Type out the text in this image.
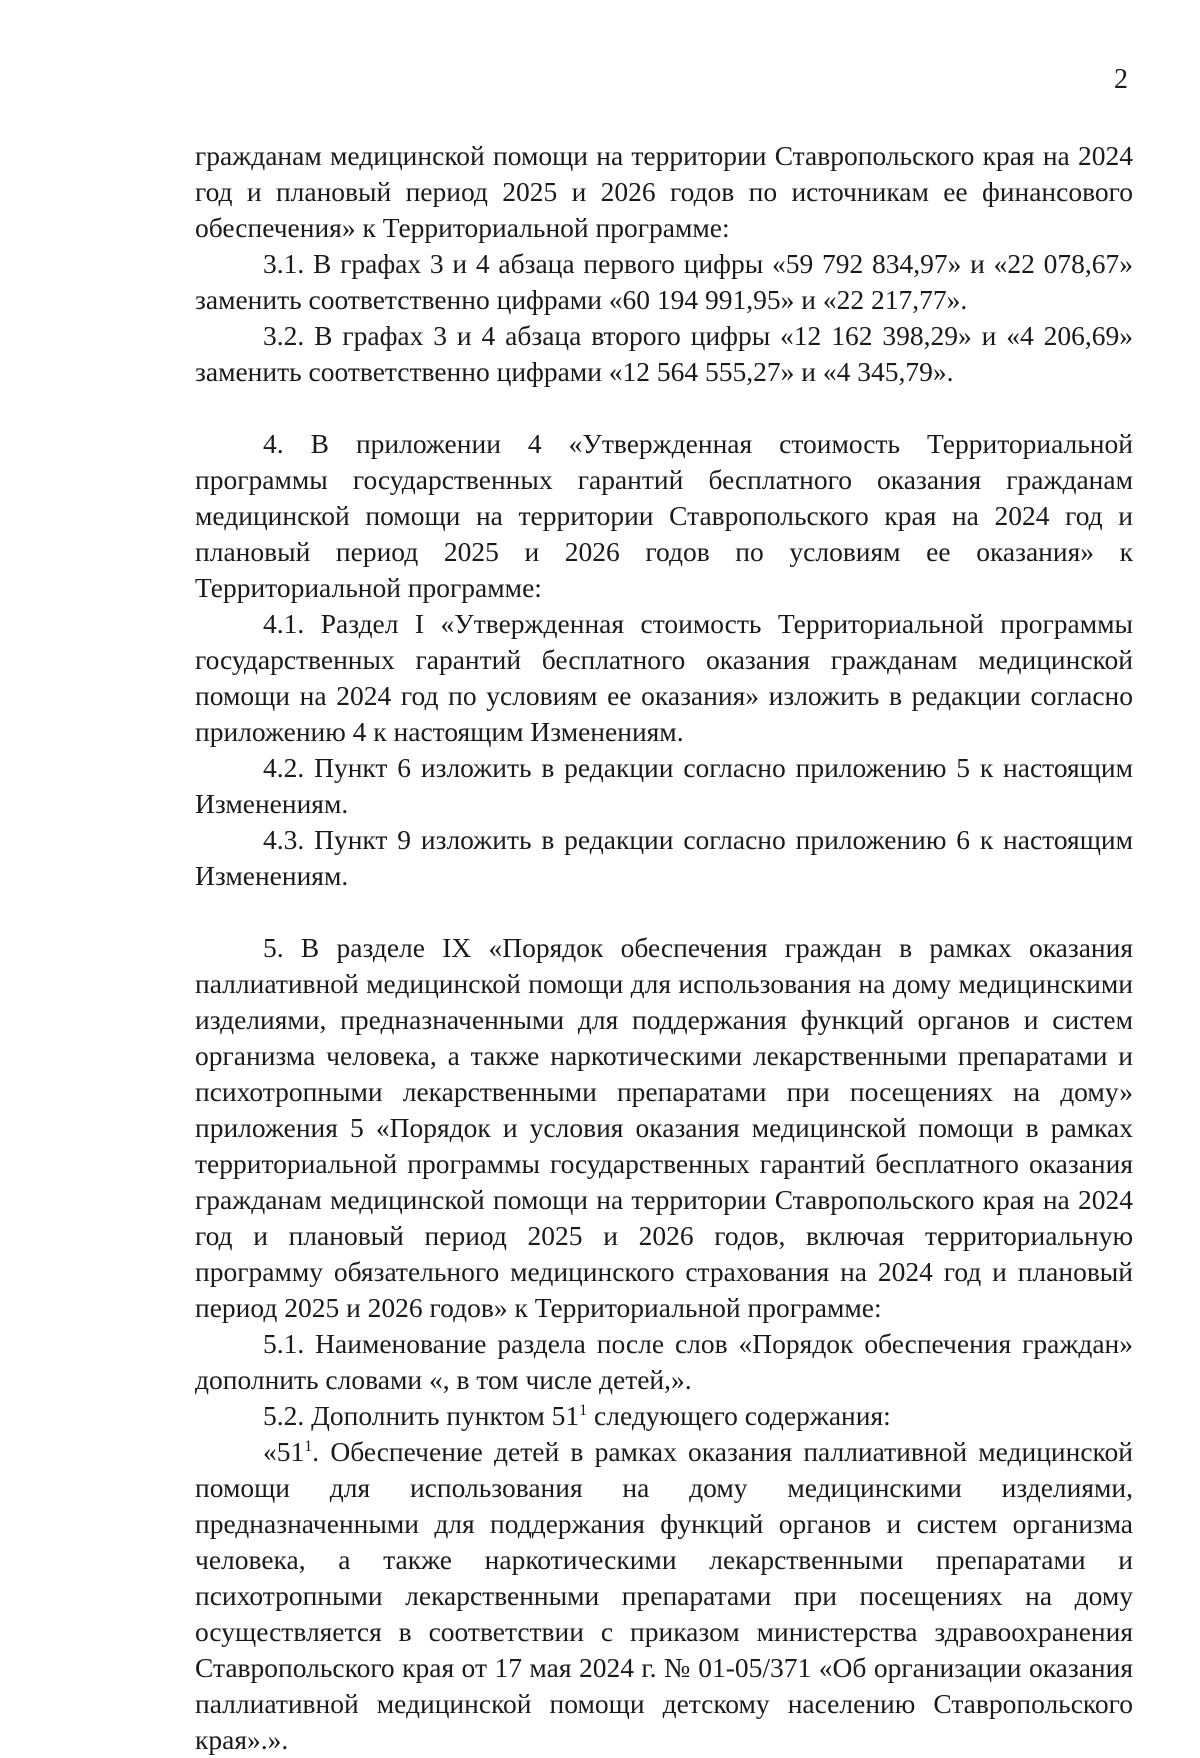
2

гражданам медицинской помощи на территории Ставропольского края на 2024 год и плановый период 2025 и 2026 годов по источникам ее финансового обеспечения» к Территориальной программе:

3.1. В графах 3 и 4 абзаца первого цифры «59 792 834,97» и «22 078,67» заменить соответственно цифрами «60 194 991,95» и «22 217,77».

3.2. В графах 3 и 4 абзаца второго цифры «12 162 398,29» и «4 206,69» заменить соответственно цифрами «12 564 555,27» и «4 345,79».

4. В приложении 4 «Утвержденная стоимость Территориальной программы государственных гарантий бесплатного оказания гражданам медицинской помощи на территории Ставропольского края на 2024 год и плановый период 2025 и 2026 годов по условиям ее оказания» к Территориальной программе:

4.1. Раздел I «Утвержденная стоимость Территориальной программы государственных гарантий бесплатного оказания гражданам медицинской помощи на 2024 год по условиям ее оказания» изложить в редакции согласно приложению 4 к настоящим Изменениям.

4.2. Пункт 6 изложить в редакции согласно приложению 5 к настоящим Изменениям.

4.3. Пункт 9 изложить в редакции согласно приложению 6 к настоящим Изменениям.

5. В разделе IX «Порядок обеспечения граждан в рамках оказания паллиативной медицинской помощи для использования на дому медицинскими изделиями, предназначенными для поддержания функций органов и систем организма человека, а также наркотическими лекарственными препаратами и психотропными лекарственными препаратами при посещениях на дому» приложения 5 «Порядок и условия оказания медицинской помощи в рамках территориальной программы государственных гарантий бесплатного оказания гражданам медицинской помощи на территории Ставропольского края на 2024 год и плановый период 2025 и 2026 годов, включая территориальную программу обязательного медицинского страхования на 2024 год и плановый период 2025 и 2026 годов» к Территориальной программе:

5.1. Наименование раздела после слов «Порядок обеспечения граждан» дополнить словами «, в том числе детей,».

5.2. Дополнить пунктом $51^1$ следующего содержания:

«$51^1$. Обеспечение детей в рамках оказания паллиативной медицинской помощи для использования на дому медицинскими изделиями, предназначенными для поддержания функций органов и систем организма человека, а также наркотическими лекарственными препаратами и психотропными лекарственными препаратами при посещениях на дому осуществляется в соответствии с приказом министерства здравоохранения Ставропольского края от 17 мая 2024 г. № 01-05/371 «Об организации оказания паллиативной медицинской помощи детскому населению Ставропольского края».».
